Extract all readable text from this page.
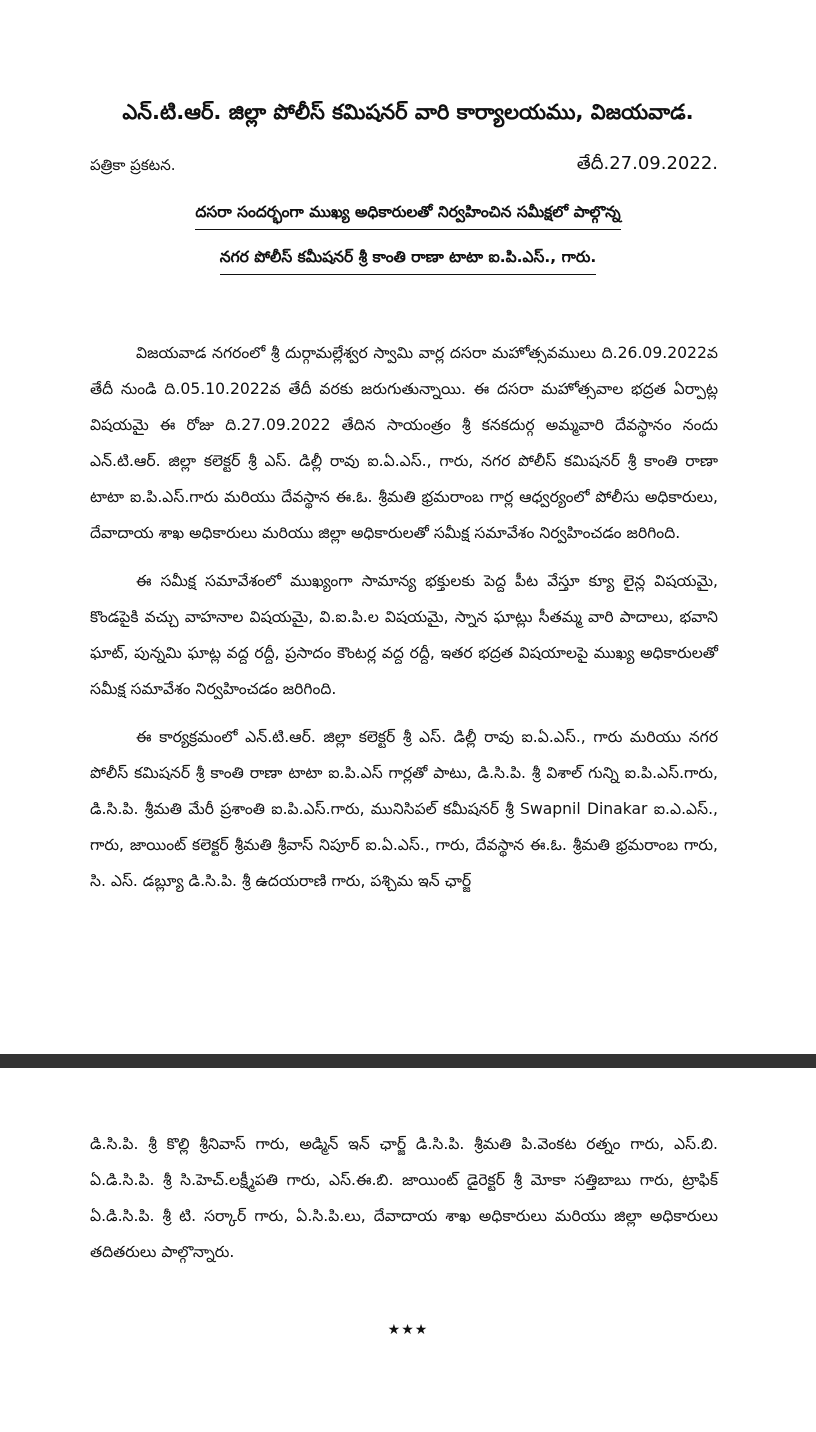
ఎన్.టి.ఆర్. జిల్లా పోలీస్ కమిషనర్ వారి కార్యాలయము, విజయవాడ.
పత్రికా ప్రకటన.	తేదీ.27.09.2022.
దసరా సందర్భంగా ముఖ్య అధికారులతో నిర్వహించిన సమీక్షలో పాల్గొన్న
నగర పోలీస్ కమీషనర్ శ్రీ కాంతి రాణా టాటా ఐ.పి.ఎస్., గారు.

విజయవాడ నగరంలో శ్రీ దుర్గామల్లేశ్వర స్వామి వార్ల దసరా మహోత్సవములు ది.26.09.2022వ తేదీ నుండి ది.05.10.2022వ తేదీ వరకు జరుగుతున్నాయి. ఈ దసరా మహోత్సవాల భద్రత ఏర్పాట్ల విషయమై ఈ రోజు ది.27.09.2022 తేదిన సాయంత్రం శ్రీ కనకదుర్గ అమ్మవారి దేవస్థానం నందు ఎన్.టి.ఆర్. జిల్లా కలెక్టర్ శ్రీ ఎస్. డిల్లీ రావు ఐ.ఏ.ఎస్., గారు, నగర పోలీస్ కమిషనర్ శ్రీ కాంతి రాణా టాటా ఐ.పి.ఎస్.గారు మరియు దేవస్థాన ఈ.ఓ. శ్రీమతి భ్రమరాంబ గార్ల ఆధ్వర్యంలో పోలీసు అధికారులు, దేవాదాయ శాఖ అధికారులు మరియు జిల్లా అధికారులతో సమీక్ష సమావేశం నిర్వహించడం జరిగింది.

ఈ సమీక్ష సమావేశంలో ముఖ్యంగా సామాన్య భక్తులకు పెద్ద పీట వేస్తూ క్యూ లైన్ల విషయమై, కొండపైకి వచ్చు వాహనాల విషయమై, వి.ఐ.పి.ల విషయమై, స్నాన ఘాట్లు సీతమ్మ వారి పాదాలు, భవాని ఘాట్, పున్నమి ఘాట్ల వద్ద రద్దీ, ప్రసాదం కౌంటర్ల వద్ద రద్దీ, ఇతర భద్రత విషయాలపై ముఖ్య అధికారులతో సమీక్ష సమావేశం నిర్వహించడం జరిగింది.

ఈ కార్యక్రమంలో ఎన్.టి.ఆర్. జిల్లా కలెక్టర్ శ్రీ ఎస్. డిల్లీ రావు ఐ.ఏ.ఎస్., గారు మరియు నగర పోలీస్ కమిషనర్ శ్రీ కాంతి రాణా టాటా ఐ.పి.ఎస్ గార్లతో పాటు, డి.సి.పి. శ్రీ విశాల్ గున్ని ఐ.పి.ఎస్.గారు, డి.సి.పి. శ్రీమతి మేరీ ప్రశాంతి ఐ.పి.ఎస్.గారు, మునిసిపల్ కమీషనర్ శ్రీ Swapnil Dinakar ఐ.ఎ.ఎస్., గారు, జాయింట్ కలెక్టర్ శ్రీమతి శ్రీవాస్ నిపూర్ ఐ.ఏ.ఎస్., గారు, దేవస్థాన ఈ.ఓ. శ్రీమతి భ్రమరాంబ గారు, సి. ఎస్. డబ్ల్యూ డి.సి.పి. శ్రీ ఉదయరాణి గారు, పశ్చిమ ఇన్ ఛార్జ్

డి.సి.పి. శ్రీ కొల్లి శ్రీనివాస్ గారు, అడ్మిన్ ఇన్ ఛార్జ్ డి.సి.పి. శ్రీమతి పి.వెంకట రత్నం గారు, ఎస్.బి. ఏ.డి.సి.పి. శ్రీ సి.హెచ్.లక్ష్మీపతి గారు, ఎస్.ఈ.బి. జాయింట్ డైరెక్టర్ శ్రీ మోకా సత్తిబాబు గారు, ట్రాఫిక్ ఏ.డి.సి.పి. శ్రీ టి. సర్కార్ గారు, ఏ.సి.పి.లు, దేవాదాయ శాఖ అధికారులు మరియు జిల్లా అధికారులు తదితరులు పాల్గొన్నారు.

★★★
